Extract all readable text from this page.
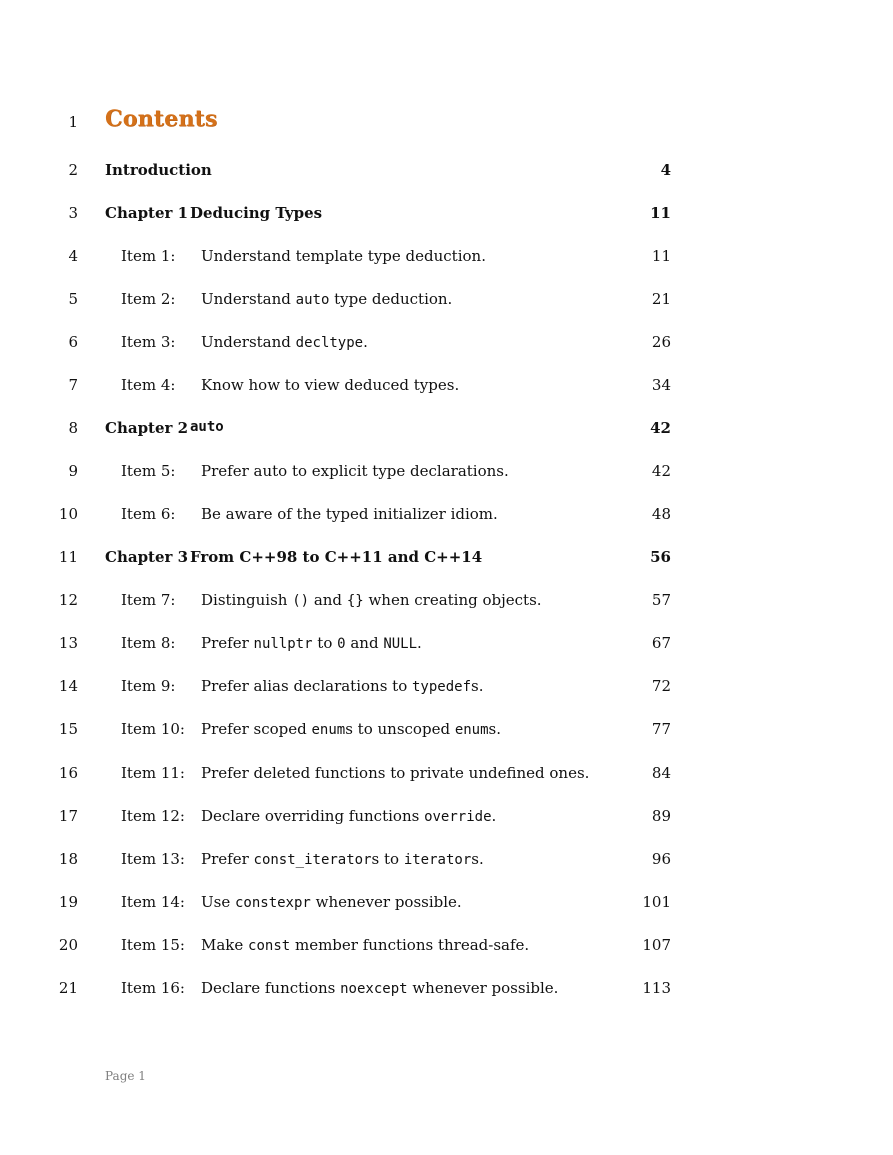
1
2
3
4
5
6
7
8
9
10
11
12
13
14
15
16
17
18
19
20
21
Contents
Introduction	4
Chapter 1 Deducing Types	11
Item 1: Understand template type deduction.	11
Item 2: Understand auto type deduction.	21
Item 3: Understand decltype.	26
Item 4: Know how to view deduced types.	34
Chapter 2 auto	42
Item 5: Prefer auto to explicit type declarations.	42
Item 6: Be aware of the typed initializer idiom.	48
Chapter 3 From C++98 to C++11 and C++14	56
Item 7: Distinguish () and {} when creating objects.	57
Item 8: Prefer nullptr to 0 and NULL.	67
Item 9: Prefer alias declarations to typedefs.	72
Item 10: Prefer scoped enums to unscoped enums.	77
Item 11: Prefer deleted functions to private undefined ones.	84
Item 12: Declare overriding functions override.	89
Item 13: Prefer const_iterators to iterators.	96
Item 14: Use constexpr whenever possible.	101
Item 15: Make const member functions thread-safe.	107
Item 16: Declare functions noexcept whenever possible.	113
Page 1
